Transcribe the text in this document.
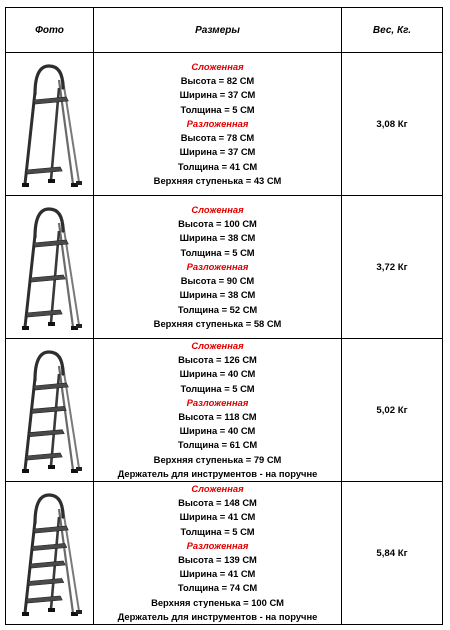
Фото	Размеры	Вес, Кг.
Сложенная
Высота = 82 СМ
Ширина = 37 СМ
Толщина = 5 СМ
Разложенная
Высота = 78 СМ
Ширина = 37 СМ
Толщина = 41 СМ
Верхняя ступенька = 43 СМ
3,08 Кг
Сложенная
Высота = 100 СМ
Ширина = 38 СМ
Толщина = 5 СМ
Разложенная
Высота = 90 СМ
Ширина = 38 СМ
Толщина = 52 СМ
Верхняя ступенька = 58 СМ
3,72 Кг
Сложенная
Высота = 126 СМ
Ширина = 40 СМ
Толщина = 5 СМ
Разложенная
Высота = 118 СМ
Ширина = 40 СМ
Толщина = 61 СМ
Верхняя ступенька = 79 СМ
Держатель для инструментов - на поручне
5,02 Кг
Сложенная
Высота = 148 СМ
Ширина = 41 СМ
Толщина = 5 СМ
Разложенная
Высота = 139 СМ
Ширина = 41 СМ
Толщина = 74 СМ
Верхняя ступенька = 100 СМ
Держатель для инструментов - на поручне
5,84 Кг
